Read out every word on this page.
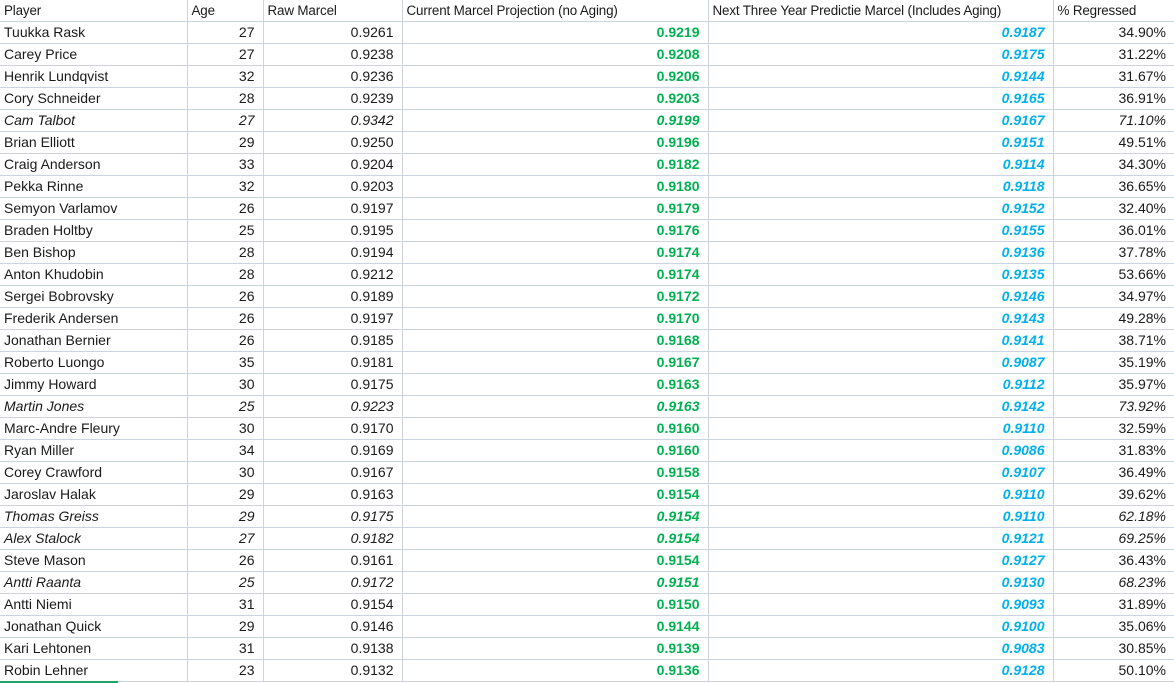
Player	Age	Raw Marcel	Current Marcel Projection (no Aging)	Next Three Year Predictie Marcel (Includes Aging)	% Regressed
Tuukka Rask	27	0.9261	0.9219	0.9187	34.90%
Carey Price	27	0.9238	0.9208	0.9175	31.22%
Henrik Lundqvist	32	0.9236	0.9206	0.9144	31.67%
Cory Schneider	28	0.9239	0.9203	0.9165	36.91%
Cam Talbot	27	0.9342	0.9199	0.9167	71.10%
Brian Elliott	29	0.9250	0.9196	0.9151	49.51%
Craig Anderson	33	0.9204	0.9182	0.9114	34.30%
Pekka Rinne	32	0.9203	0.9180	0.9118	36.65%
Semyon Varlamov	26	0.9197	0.9179	0.9152	32.40%
Braden Holtby	25	0.9195	0.9176	0.9155	36.01%
Ben Bishop	28	0.9194	0.9174	0.9136	37.78%
Anton Khudobin	28	0.9212	0.9174	0.9135	53.66%
Sergei Bobrovsky	26	0.9189	0.9172	0.9146	34.97%
Frederik Andersen	26	0.9197	0.9170	0.9143	49.28%
Jonathan Bernier	26	0.9185	0.9168	0.9141	38.71%
Roberto Luongo	35	0.9181	0.9167	0.9087	35.19%
Jimmy Howard	30	0.9175	0.9163	0.9112	35.97%
Martin Jones	25	0.9223	0.9163	0.9142	73.92%
Marc-Andre Fleury	30	0.9170	0.9160	0.9110	32.59%
Ryan Miller	34	0.9169	0.9160	0.9086	31.83%
Corey Crawford	30	0.9167	0.9158	0.9107	36.49%
Jaroslav Halak	29	0.9163	0.9154	0.9110	39.62%
Thomas Greiss	29	0.9175	0.9154	0.9110	62.18%
Alex Stalock	27	0.9182	0.9154	0.9121	69.25%
Steve Mason	26	0.9161	0.9154	0.9127	36.43%
Antti Raanta	25	0.9172	0.9151	0.9130	68.23%
Antti Niemi	31	0.9154	0.9150	0.9093	31.89%
Jonathan Quick	29	0.9146	0.9144	0.9100	35.06%
Kari Lehtonen	31	0.9138	0.9139	0.9083	30.85%
Robin Lehner	23	0.9132	0.9136	0.9128	50.10%
